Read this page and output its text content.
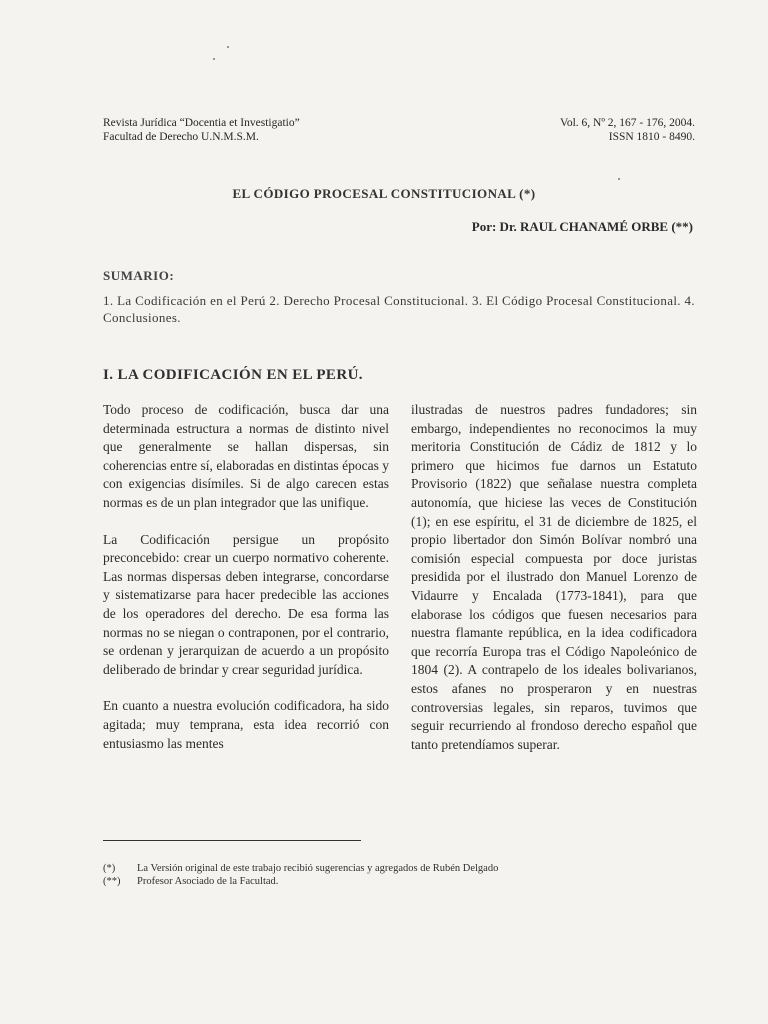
Revista Jurídica “Docentia et Investigatio”
Facultad de Derecho U.N.M.S.M.
Vol. 6, Nº 2, 167 - 176, 2004.
ISSN 1810 - 8490.
EL CÓDIGO PROCESAL CONSTITUCIONAL (*)
Por: Dr. RAUL CHANAMÉ ORBE (**)
SUMARIO:
1. La Codificación en el Perú 2. Derecho Procesal Constitucional. 3. El Código Procesal Constitucional. 4. Conclusiones.
I. LA CODIFICACIÓN EN EL PERÚ.

Todo proceso de codificación, busca dar una determinada estructura a normas de distinto nivel que generalmente se hallan dispersas, sin coherencias entre sí, elaboradas en distintas épocas y con exigencias disímiles. Si de algo carecen estas normas es de un plan integrador que las unifique.

La Codificación persigue un propósito preconcebido: crear un cuerpo normativo coherente. Las normas dispersas deben integrarse, concordarse y sistematizarse para hacer predecible las acciones de los operadores del derecho. De esa forma las normas no se niegan o contraponen, por el contrario, se ordenan y jerarquizan de acuerdo a un propósito deliberado de brindar y crear seguridad jurídica.

En cuanto a nuestra evolución codificadora, ha sido agitada; muy temprana, esta idea recorrió con entusiasmo las mentes

ilustradas de nuestros padres fundadores; sin embargo, independientes no reconocimos la muy meritoria Constitución de Cádiz de 1812 y lo primero que hicimos fue darnos un Estatuto Provisorio (1822) que señalase nuestra completa autonomía, que hiciese las veces de Constitución (1); en ese espíritu, el 31 de diciembre de 1825, el propio libertador don Simón Bolívar nombró una comisión especial compuesta por doce juristas presidida por el ilustrado don Manuel Lorenzo de Vidaurre y Encalada (1773-1841), para que elaborase los códigos que fuesen necesarios para nuestra flamante república, en la idea codificadora que recorría Europa tras el Código Napoleónico de 1804 (2). A contrapelo de los ideales bolivarianos, estos afanes no prosperaron y en nuestras controversias legales, sin reparos, tuvimos que seguir recurriendo al frondoso derecho español que tanto pretendíamos superar.

(*)	La Versión original de este trabajo recibió sugerencias y agregados de Rubén Delgado
(**)	Profesor Asociado de la Facultad.
